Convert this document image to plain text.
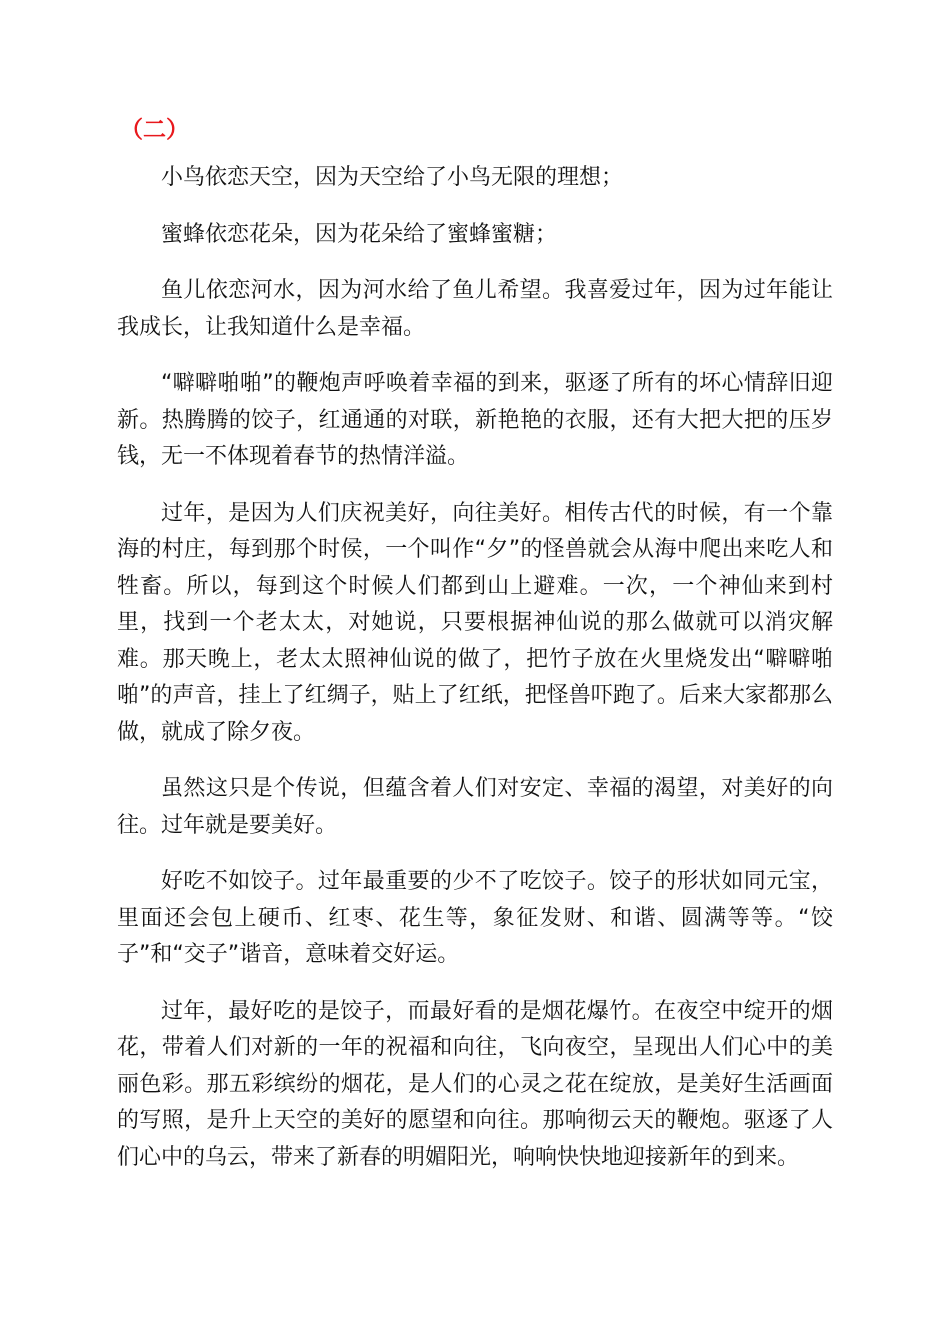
（二）

小鸟依恋天空，因为天空给了小鸟无限的理想；

蜜蜂依恋花朵，因为花朵给了蜜蜂蜜糖；

鱼儿依恋河水，因为河水给了鱼儿希望。我喜爱过年，因为过年能让我成长，让我知道什么是幸福。

“噼噼啪啪”的鞭炮声呼唤着幸福的到来，驱逐了所有的坏心情辞旧迎新。热腾腾的饺子，红通通的对联，新艳艳的衣服，还有大把大把的压岁钱，无一不体现着春节的热情洋溢。

过年，是因为人们庆祝美好，向往美好。相传古代的时候，有一个靠海的村庄，每到那个时侯，一个叫作“夕”的怪兽就会从海中爬出来吃人和牲畜。所以，每到这个时候人们都到山上避难。一次，一个神仙来到村里，找到一个老太太，对她说，只要根据神仙说的那么做就可以消灾解难。那天晚上，老太太照神仙说的做了，把竹子放在火里烧发出“噼噼啪啪”的声音，挂上了红绸子，贴上了红纸，把怪兽吓跑了。后来大家都那么做，就成了除夕夜。

虽然这只是个传说，但蕴含着人们对安定、幸福的渴望，对美好的向往。过年就是要美好。

好吃不如饺子。过年最重要的少不了吃饺子。饺子的形状如同元宝，里面还会包上硬币、红枣、花生等，象征发财、和谐、圆满等等。“饺子”和“交子”谐音，意味着交好运。

过年，最好吃的是饺子，而最好看的是烟花爆竹。在夜空中绽开的烟花，带着人们对新的一年的祝福和向往，飞向夜空，呈现出人们心中的美丽色彩。那五彩缤纷的烟花，是人们的心灵之花在绽放，是美好生活画面的写照，是升上天空的美好的愿望和向往。那响彻云天的鞭炮。驱逐了人们心中的乌云，带来了新春的明媚阳光，响响快快地迎接新年的到来。
